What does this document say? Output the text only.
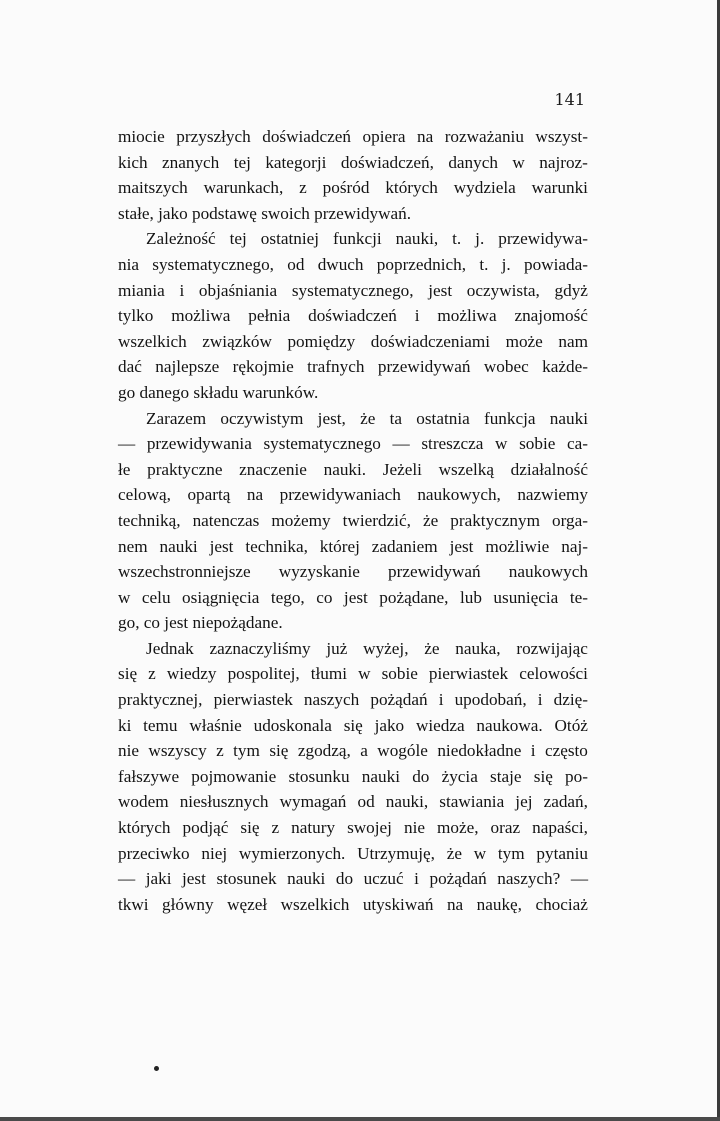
141
miocie przyszłych doświadczeń opiera na rozważaniu wszyst-
kich znanych tej kategorji doświadczeń, danych w najroz-
maitszych warunkach, z pośród których wydziela warunki
stałe, jako podstawę swoich przewidywań.
Zależność tej ostatniej funkcji nauki, t. j. przewidywa-
nia systematycznego, od dwuch poprzednich, t. j. powiada-
miania i objaśniania systematycznego, jest oczywista, gdyż
tylko możliwa pełnia doświadczeń i możliwa znajomość
wszelkich związków pomiędzy doświadczeniami może nam
dać najlepsze rękojmie trafnych przewidywań wobec każde-
go danego składu warunków.
Zarazem oczywistym jest, że ta ostatnia funkcja nauki
— przewidywania systematycznego — streszcza w sobie ca-
łe praktyczne znaczenie nauki. Jeżeli wszelką działalność
celową, opartą na przewidywaniach naukowych, nazwiemy
techniką, natenczas możemy twierdzić, że praktycznym orga-
nem nauki jest technika, której zadaniem jest możliwie naj-
wszechstronniejsze wyzyskanie przewidywań naukowych
w celu osiągnięcia tego, co jest pożądane, lub usunięcia te-
go, co jest niepożądane.
Jednak zaznaczyliśmy już wyżej, że nauka, rozwijając
się z wiedzy pospolitej, tłumi w sobie pierwiastek celowości
praktycznej, pierwiastek naszych pożądań i upodobań, i dzię-
ki temu właśnie udoskonala się jako wiedza naukowa. Otóż
nie wszyscy z tym się zgodzą, a wogóle niedokładne i często
fałszywe pojmowanie stosunku nauki do życia staje się po-
wodem niesłusznych wymagań od nauki, stawiania jej zadań,
których podjąć się z natury swojej nie może, oraz napaści,
przeciwko niej wymierzonych. Utrzymuję, że w tym pytaniu
— jaki jest stosunek nauki do uczuć i pożądań naszych? —
tkwi główny węzeł wszelkich utyskiwań na naukę, chociaż
